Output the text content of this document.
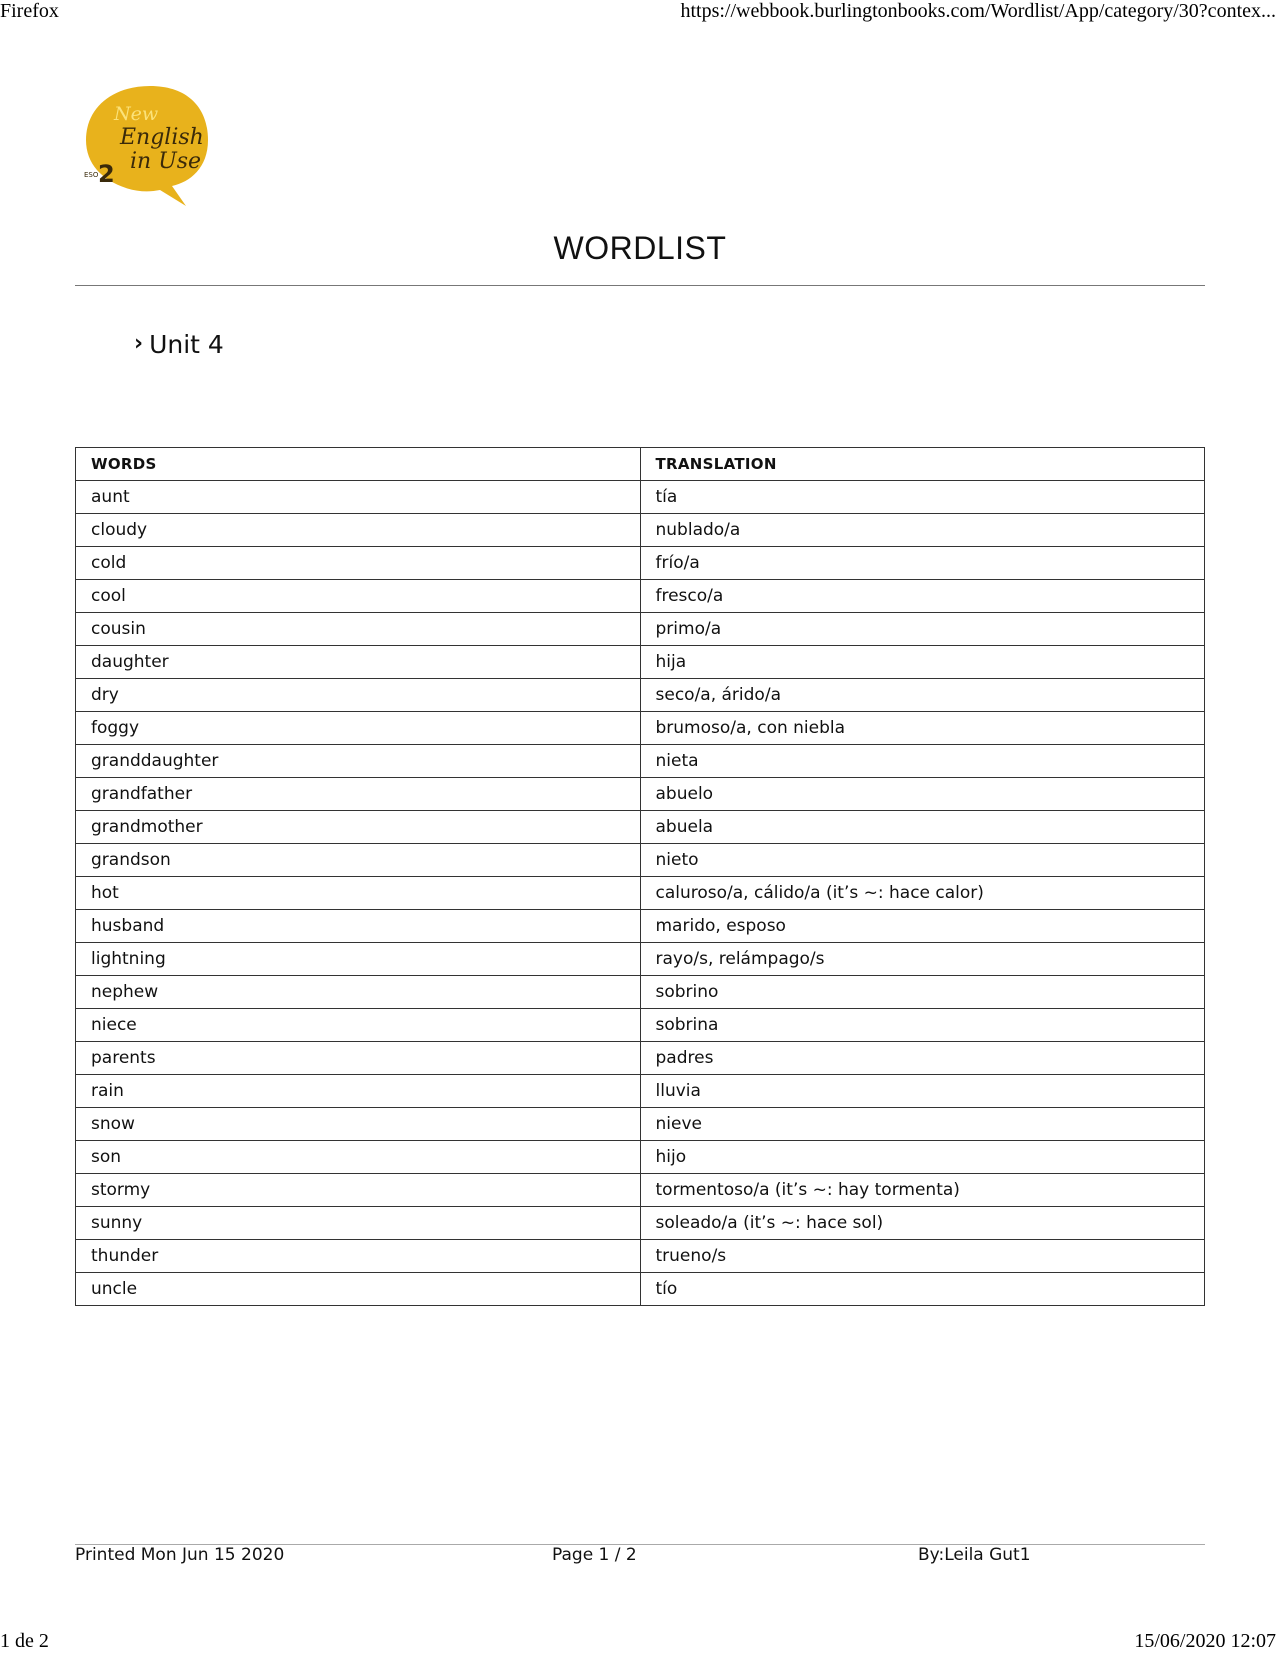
Firefox	https://webbook.burlingtonbooks.com/Wordlist/App/category/30?contex...
New
English
in Use
ESO 2
WORDLIST
› Unit 4
WORDS	TRANSLATION
aunt	tía
cloudy	nublado/a
cold	frío/a
cool	fresco/a
cousin	primo/a
daughter	hija
dry	seco/a, árido/a
foggy	brumoso/a, con niebla
granddaughter	nieta
grandfather	abuelo
grandmother	abuela
grandson	nieto
hot	caluroso/a, cálido/a (it’s ~: hace calor)
husband	marido, esposo
lightning	rayo/s, relámpago/s
nephew	sobrino
niece	sobrina
parents	padres
rain	lluvia
snow	nieve
son	hijo
stormy	tormentoso/a (it’s ~: hay tormenta)
sunny	soleado/a (it’s ~: hace sol)
thunder	trueno/s
uncle	tío
Printed Mon Jun 15 2020	Page 1 / 2	By:Leila Gut1
1 de 2	15/06/2020 12:07
